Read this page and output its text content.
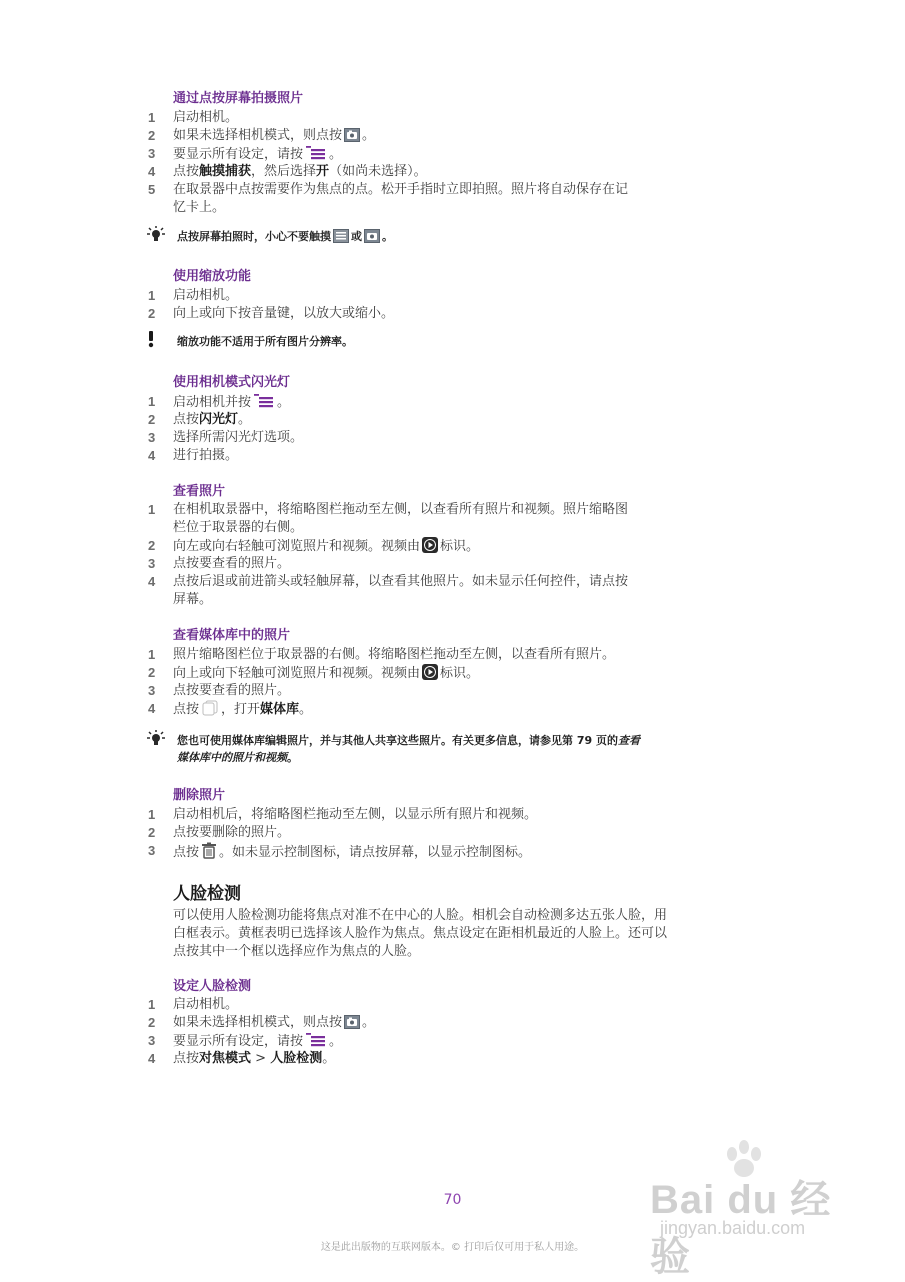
通过点按屏幕拍摄照片
1 启动相机。
2 如果未选择相机模式，则点按 。
3 要显示所有设定，请按 。
4 点按触摸捕获，然后选择开（如尚未选择）。
5 在取景器中点按需要作为焦点的点。松开手指时立即拍照。照片将自动保存在记
忆卡上。
点按屏幕拍照时，小心不要触摸 或 。
使用缩放功能
1 启动相机。
2 向上或向下按音量键，以放大或缩小。
缩放功能不适用于所有图片分辨率。
使用相机模式闪光灯
1 启动相机并按 。
2 点按闪光灯。
3 选择所需闪光灯选项。
4 进行拍摄。
查看照片
1 在相机取景器中，将缩略图栏拖动至左侧，以查看所有照片和视频。照片缩略图
栏位于取景器的右侧。
2 向左或向右轻触可浏览照片和视频。视频由 标识。
3 点按要查看的照片。
4 点按后退或前进箭头或轻触屏幕，以查看其他照片。如未显示任何控件，请点按
屏幕。
查看媒体库中的照片
1 照片缩略图栏位于取景器的右侧。将缩略图栏拖动至左侧，以查看所有照片。
2 向上或向下轻触可浏览照片和视频。视频由 标识。
3 点按要查看的照片。
4 点按 ，打开媒体库。
您也可使用媒体库编辑照片，并与其他人共享这些照片。有关更多信息，请参见第 79 页的查看
媒体库中的照片和视频。
删除照片
1 启动相机后，将缩略图栏拖动至左侧，以显示所有照片和视频。
2 点按要删除的照片。
3 点按 。如未显示控制图标，请点按屏幕，以显示控制图标。
人脸检测
可以使用人脸检测功能将焦点对准不在中心的人脸。相机会自动检测多达五张人脸，用
白框表示。黄框表明已选择该人脸作为焦点。焦点设定在距相机最近的人脸上。还可以
点按其中一个框以选择应作为焦点的人脸。
设定人脸检测
1 启动相机。
2 如果未选择相机模式，则点按 。
3 要显示所有设定，请按 。
4 点按对焦模式 > 人脸检测。
70
这是此出版物的互联网版本。© 打印后仅可用于私人用途。
Bai du 经验
jingyan.baidu.com
